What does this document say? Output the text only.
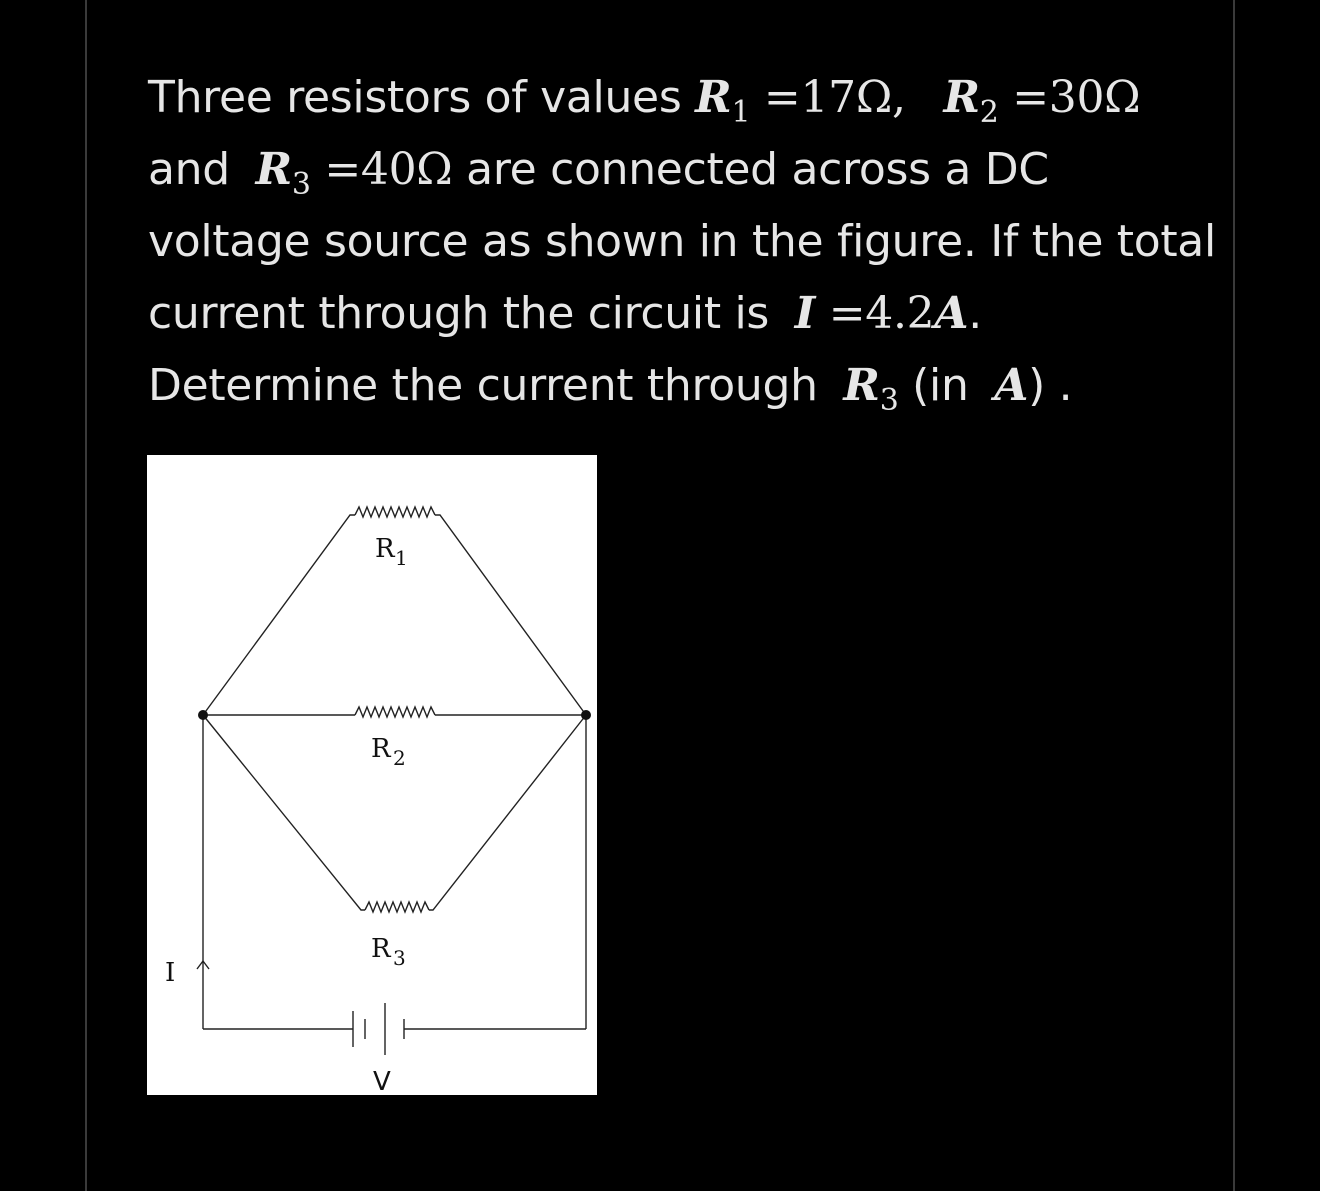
Three resistors of values $R_1 =17\Omega$, $R_2 =30\Omega$
and $R_3 =40\Omega$ are connected across a DC
voltage source as shown in the figure. If the total
current through the circuit is I =4.2A.
Determine the current through $R_3$ (in A) .
R 1
R 2
R 3
I
V
